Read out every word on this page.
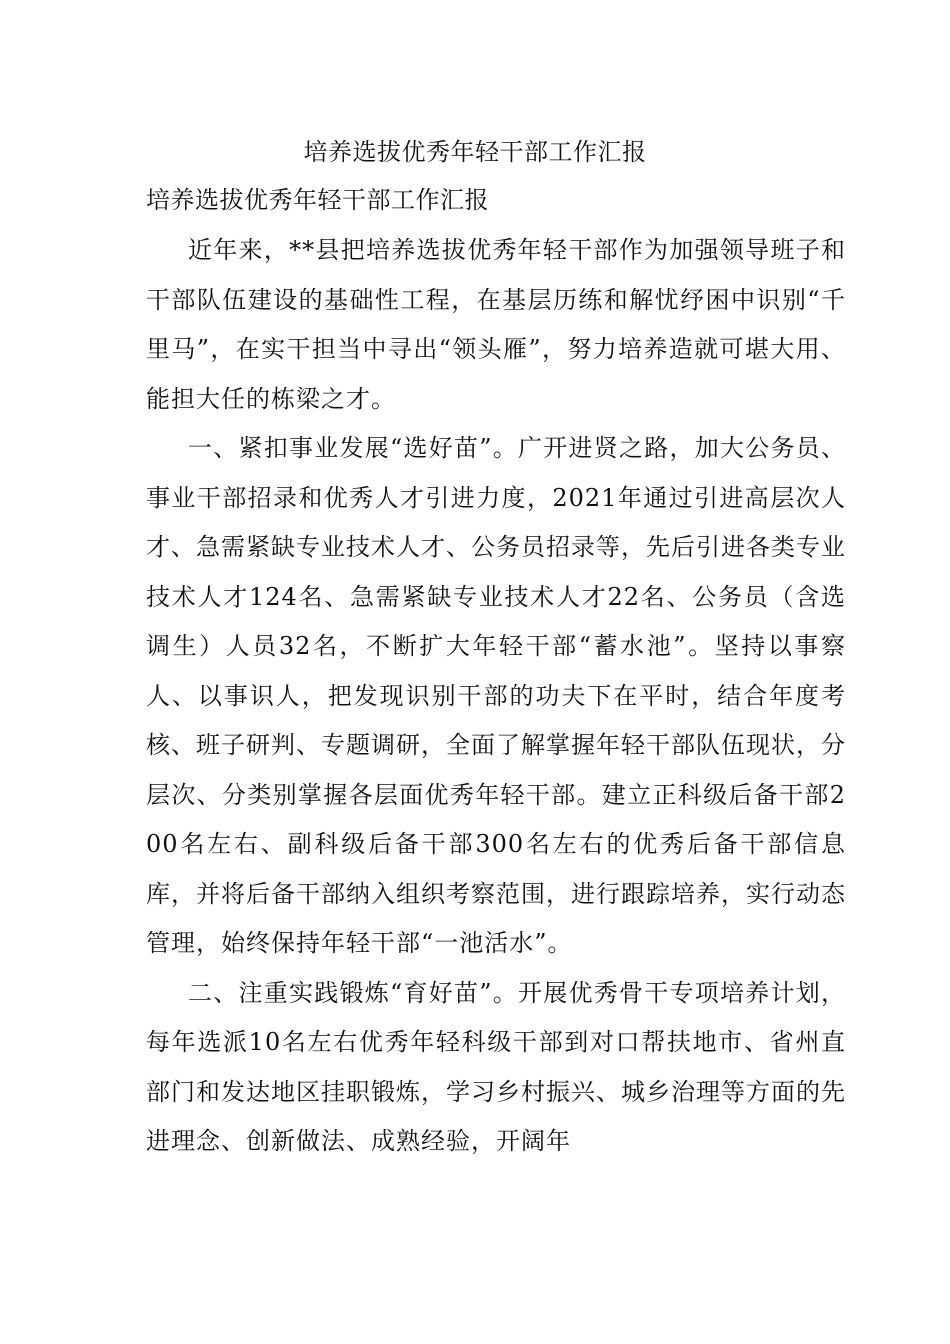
培养选拔优秀年轻干部工作汇报
培养选拔优秀年轻干部工作汇报

近年来，**县把培养选拔优秀年轻干部作为加强领导班子和干部队伍建设的基础性工程，在基层历练和解忧纾困中识别“千里马”，在实干担当中寻出“领头雁”，努力培养造就可堪大用、能担大任的栋梁之才。

一、紧扣事业发展“选好苗”。广开进贤之路，加大公务员、事业干部招录和优秀人才引进力度，2021年通过引进高层次人才、急需紧缺专业技术人才、公务员招录等，先后引进各类专业技术人才124名、急需紧缺专业技术人才22名、公务员（含选调生）人员32名，不断扩大年轻干部“蓄水池”。坚持以事察人、以事识人，把发现识别干部的功夫下在平时，结合年度考核、班子研判、专题调研，全面了解掌握年轻干部队伍现状，分层次、分类别掌握各层面优秀年轻干部。建立正科级后备干部200名左右、副科级后备干部300名左右的优秀后备干部信息库，并将后备干部纳入组织考察范围，进行跟踪培养，实行动态管理，始终保持年轻干部“一池活水”。

二、注重实践锻炼“育好苗”。开展优秀骨干专项培养计划，每年选派10名左右优秀年轻科级干部到对口帮扶地市、省州直部门和发达地区挂职锻炼，学习乡村振兴、城乡治理等方面的先进理念、创新做法、成熟经验，开阔年
